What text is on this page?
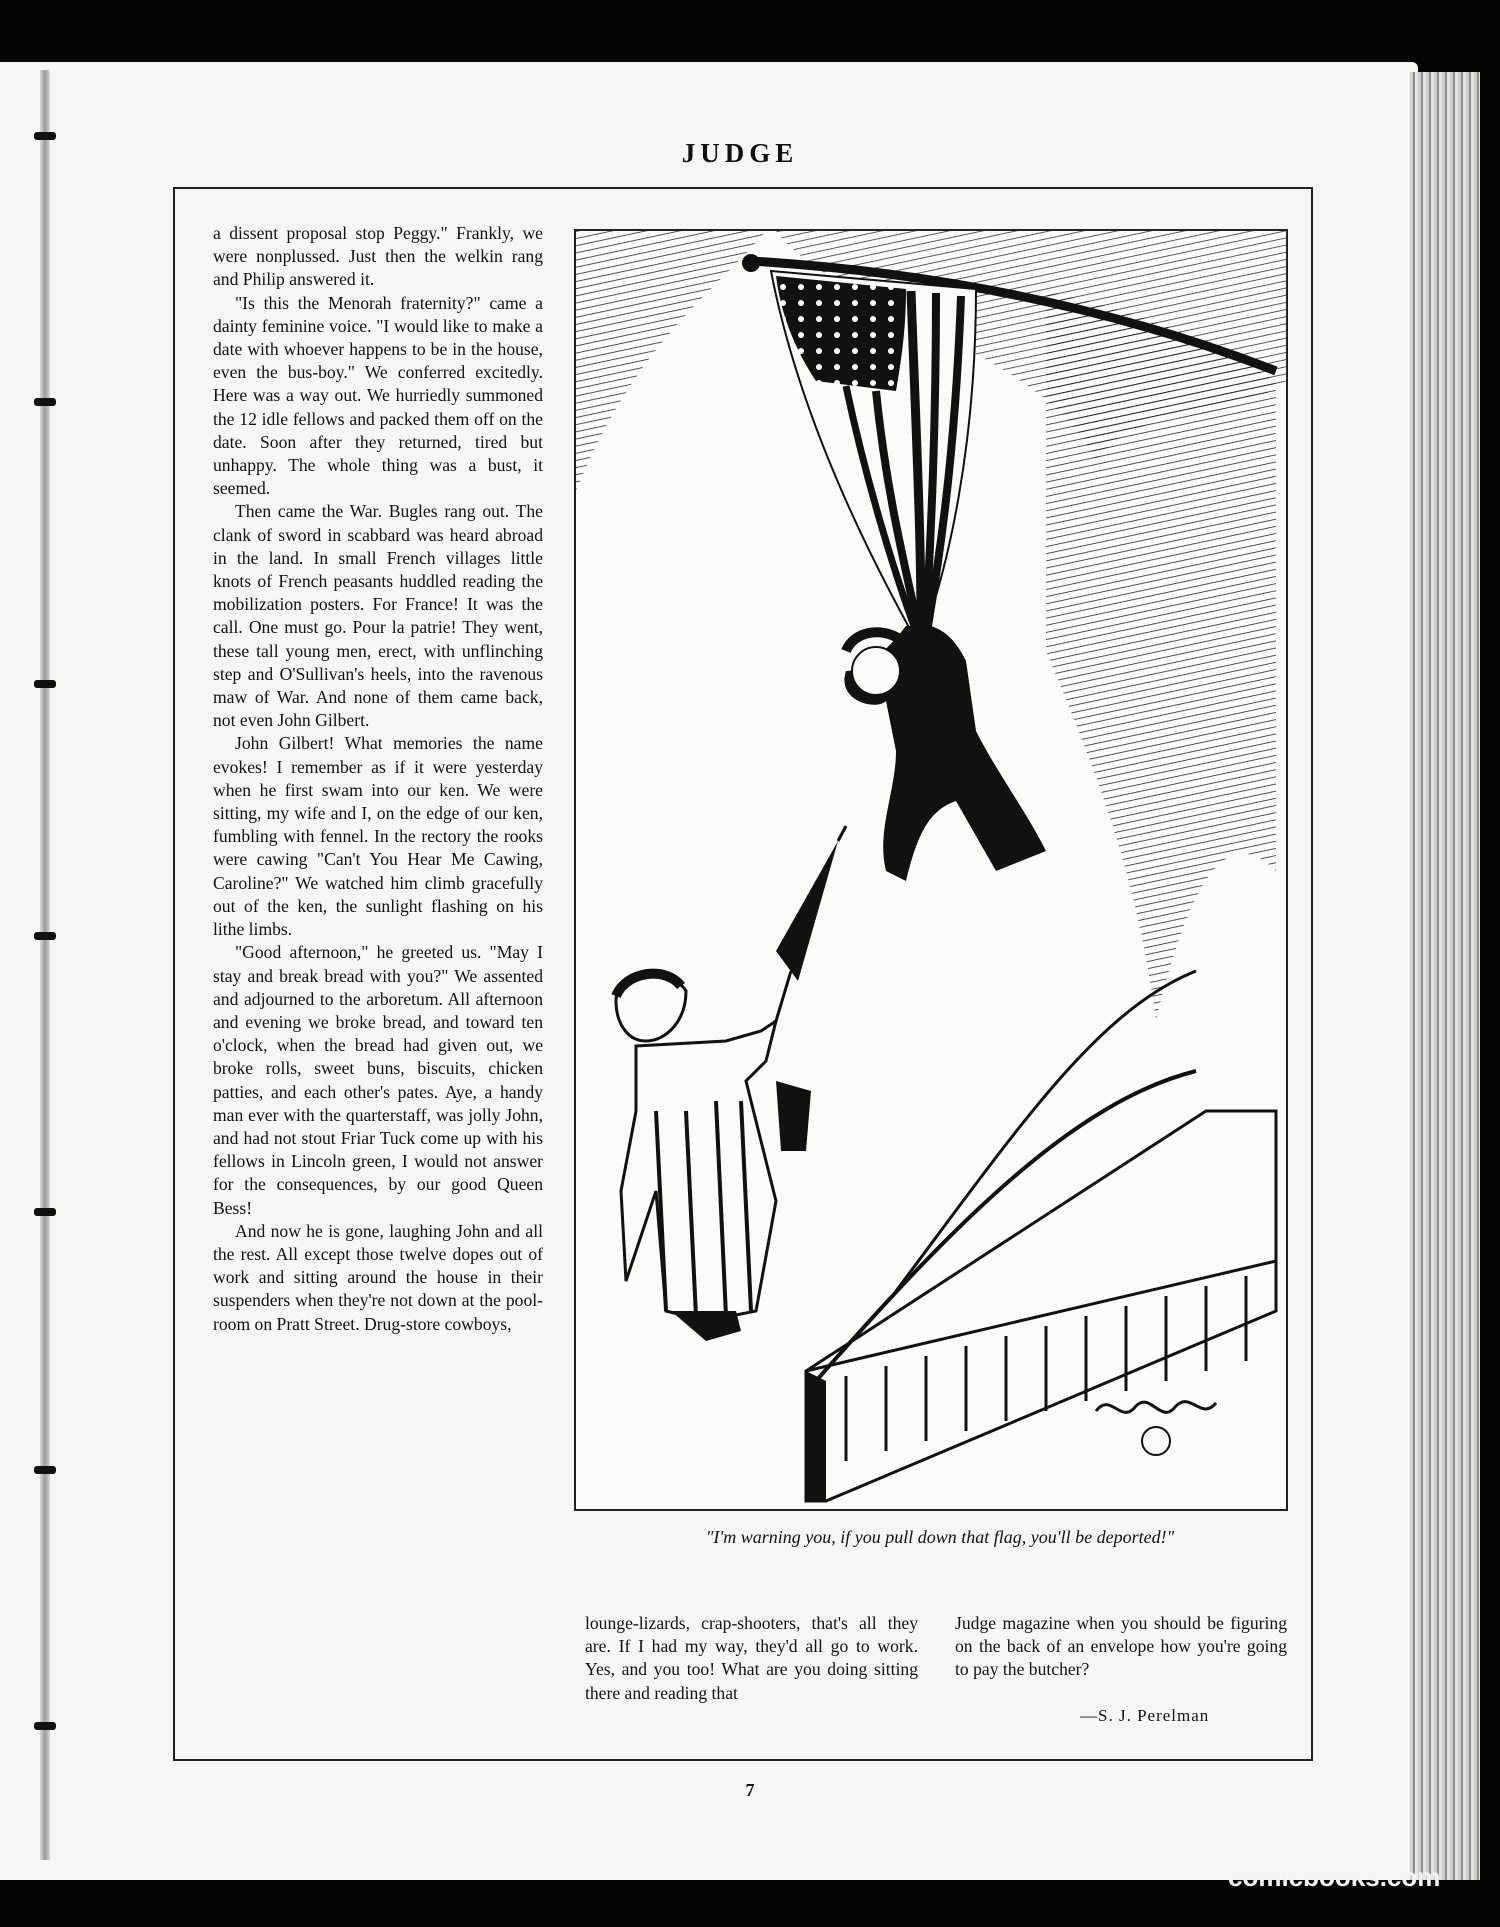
JUDGE

a dissent proposal stop Peggy." Frankly, we were nonplussed. Just then the welkin rang and Philip answered it.

"Is this the Menorah fraternity?" came a dainty feminine voice. "I would like to make a date with whoever happens to be in the house, even the bus-boy." We conferred excitedly. Here was a way out. We hurriedly summoned the 12 idle fellows and packed them off on the date. Soon after they returned, tired but unhappy. The whole thing was a bust, it seemed.

Then came the War. Bugles rang out. The clank of sword in scabbard was heard abroad in the land. In small French villages little knots of French peasants huddled reading the mobilization posters. For France! It was the call. One must go. Pour la patrie! They went, these tall young men, erect, with unflinching step and O'Sullivan's heels, into the ravenous maw of War. And none of them came back, not even John Gilbert.

John Gilbert! What memories the name evokes! I remember as if it were yesterday when he first swam into our ken. We were sitting, my wife and I, on the edge of our ken, fumbling with fennel. In the rectory the rooks were cawing "Can't You Hear Me Cawing, Caroline?" We watched him climb gracefully out of the ken, the sunlight flashing on his lithe limbs.

"Good afternoon," he greeted us. "May I stay and break bread with you?" We assented and adjourned to the arboretum. All afternoon and evening we broke bread, and toward ten o'clock, when the bread had given out, we broke rolls, sweet buns, biscuits, chicken patties, and each other's pates. Aye, a handy man ever with the quarterstaff, was jolly John, and had not stout Friar Tuck come up with his fellows in Lincoln green, I would not answer for the consequences, by our good Queen Bess!

And now he is gone, laughing John and all the rest. All except those twelve dopes out of work and sitting around the house in their suspenders when they're not down at the pool-room on Pratt Street. Drug-store cowboys,

"I'm warning you, if you pull down that flag, you'll be deported!"

lounge-lizards, crap-shooters, that's all they are. If I had my way, they'd all go to work. Yes, and you too! What are you doing sitting there and reading that

Judge magazine when you should be figuring on the back of an envelope how you're going to pay the butcher?

—S. J. Perelman
7
comicbooks.com
